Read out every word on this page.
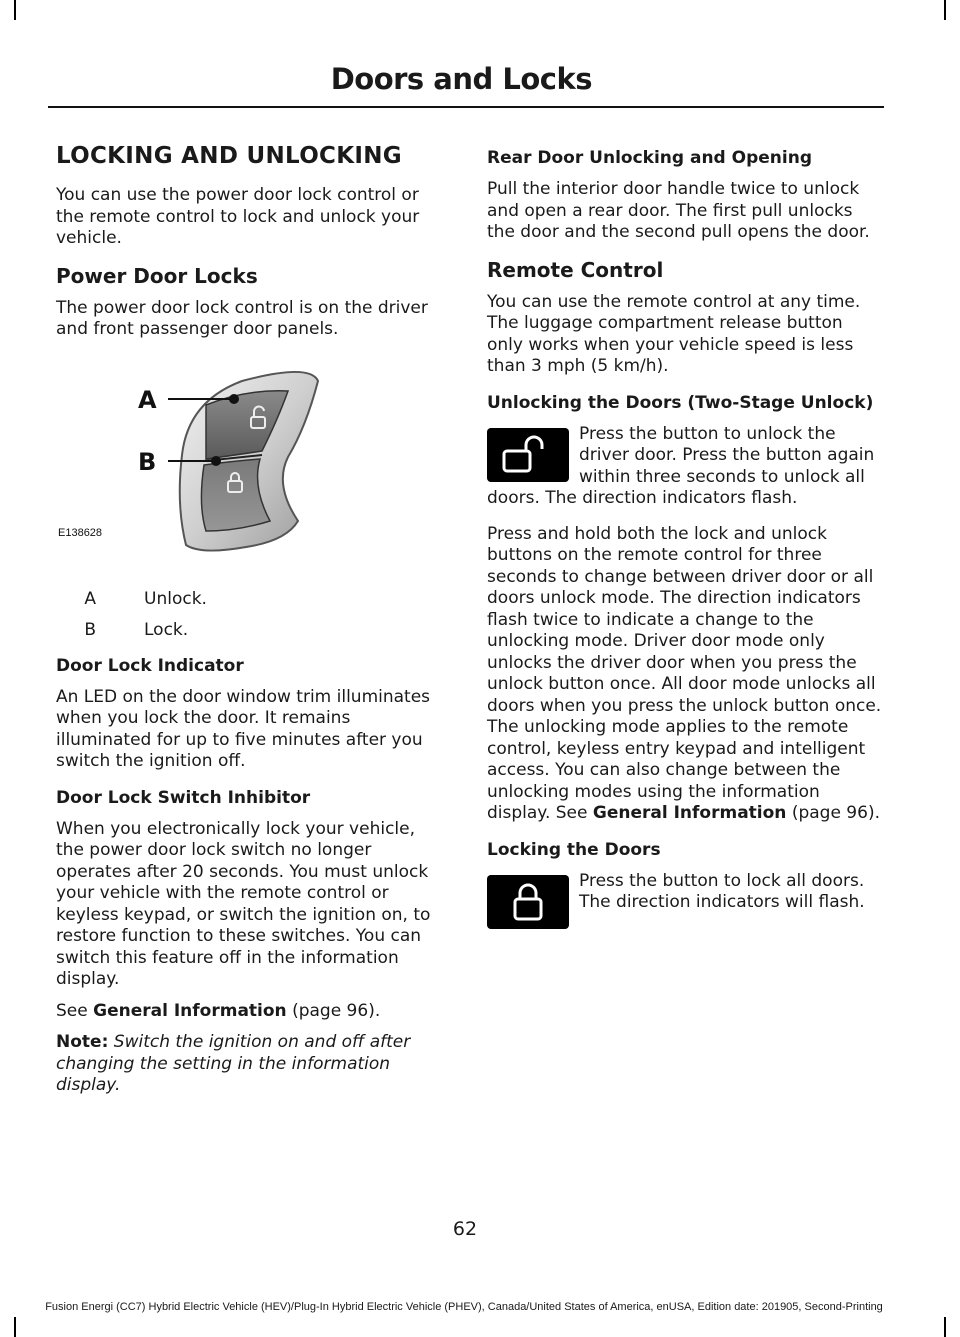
Doors and Locks
LOCKING AND UNLOCKING

You can use the power door lock control or the remote control to lock and unlock your vehicle.

Power Door Locks

The power door lock control is on the driver and front passenger door panels.

A
B
E138628
A	Unlock.
B	Lock.
Door Lock Indicator

An LED on the door window trim illuminates when you lock the door. It remains illuminated for up to five minutes after you switch the ignition off.

Door Lock Switch Inhibitor

When you electronically lock your vehicle, the power door lock switch no longer operates after 20 seconds. You must unlock your vehicle with the remote control or keyless keypad, or switch the ignition on, to restore function to these switches. You can switch this feature off in the information display.

See General Information (page 96).

Note: Switch the ignition on and off after changing the setting in the information display.

Rear Door Unlocking and Opening

Pull the interior door handle twice to unlock and open a rear door. The first pull unlocks the door and the second pull opens the door.

Remote Control

You can use the remote control at any time. The luggage compartment release button only works when your vehicle speed is less than 3 mph (5 km/h).

Unlocking the Doors (Two-Stage Unlock)

Press the button to unlock the driver door. Press the button again within three seconds to unlock all doors. The direction indicators flash.

Press and hold both the lock and unlock buttons on the remote control for three seconds to change between driver door or all doors unlock mode. The direction indicators flash twice to indicate a change to the unlocking mode. Driver door mode only unlocks the driver door when you press the unlock button once. All door mode unlocks all doors when you press the unlock button once. The unlocking mode applies to the remote control, keyless entry keypad and intelligent access. You can also change between the unlocking modes using the information display. See General Information (page 96).

Locking the Doors

Press the button to lock all doors. The direction indicators will flash.

62
Fusion Energi (CC7) Hybrid Electric Vehicle (HEV)/Plug-In Hybrid Electric Vehicle (PHEV), Canada/United States of America, enUSA, Edition date: 201905, Second-Printing
